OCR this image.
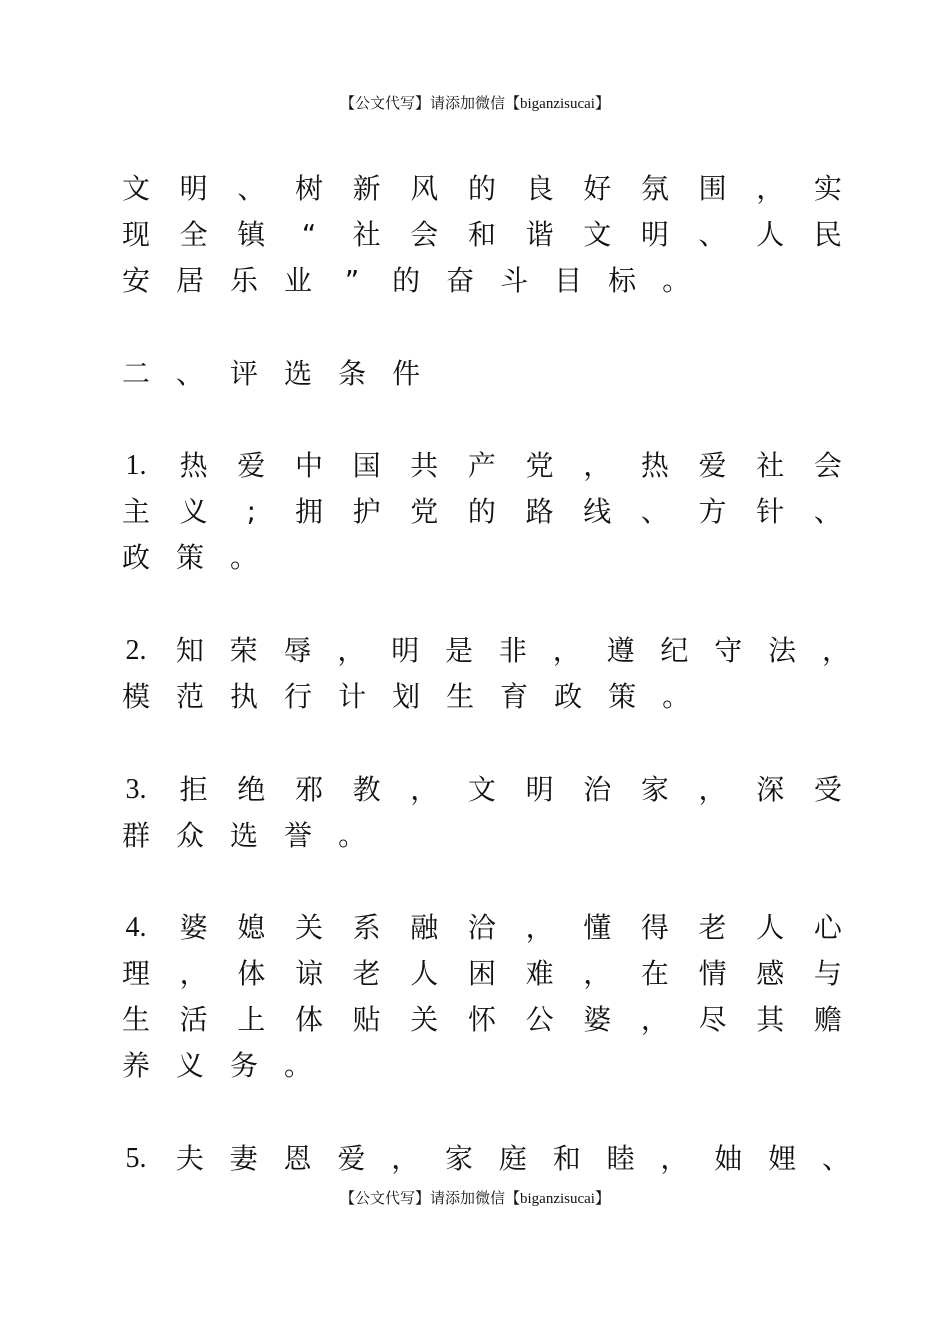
【公文代写】请添加微信【biganzisucai】
文 明 、 树 新 风 的 良 好 氛 围 ， 实
现 全 镇 “ 社 会 和 谐 文 明 、 人 民
安 居 乐 业 ” 的 奋 斗 目 标 。
二 、 评 选 条 件
1. 热 爱 中 国 共 产 党 ， 热 爱 社 会
主 义	;	拥 护 党 的 路 线 、 方 针 、
政 策 。
2. 知 荣 辱 ， 明 是 非 ， 遵 纪 守 法 ，
模 范 执 行 计 划 生 育 政 策 。
3. 拒 绝 邪 教 ， 文 明 治 家 ， 深 受
群 众 选 誉 。
4. 婆 媳 关 系 融 洽 ， 懂 得 老 人 心
理 ， 体 谅 老 人 困 难 ， 在 情 感 与
生 活 上 体 贴 关 怀 公 婆 ， 尽 其 赡
养 义 务 。
5. 夫 妻 恩 爱 ， 家 庭 和 睦 ， 妯 娌 、
【公文代写】请添加微信【biganzisucai】
